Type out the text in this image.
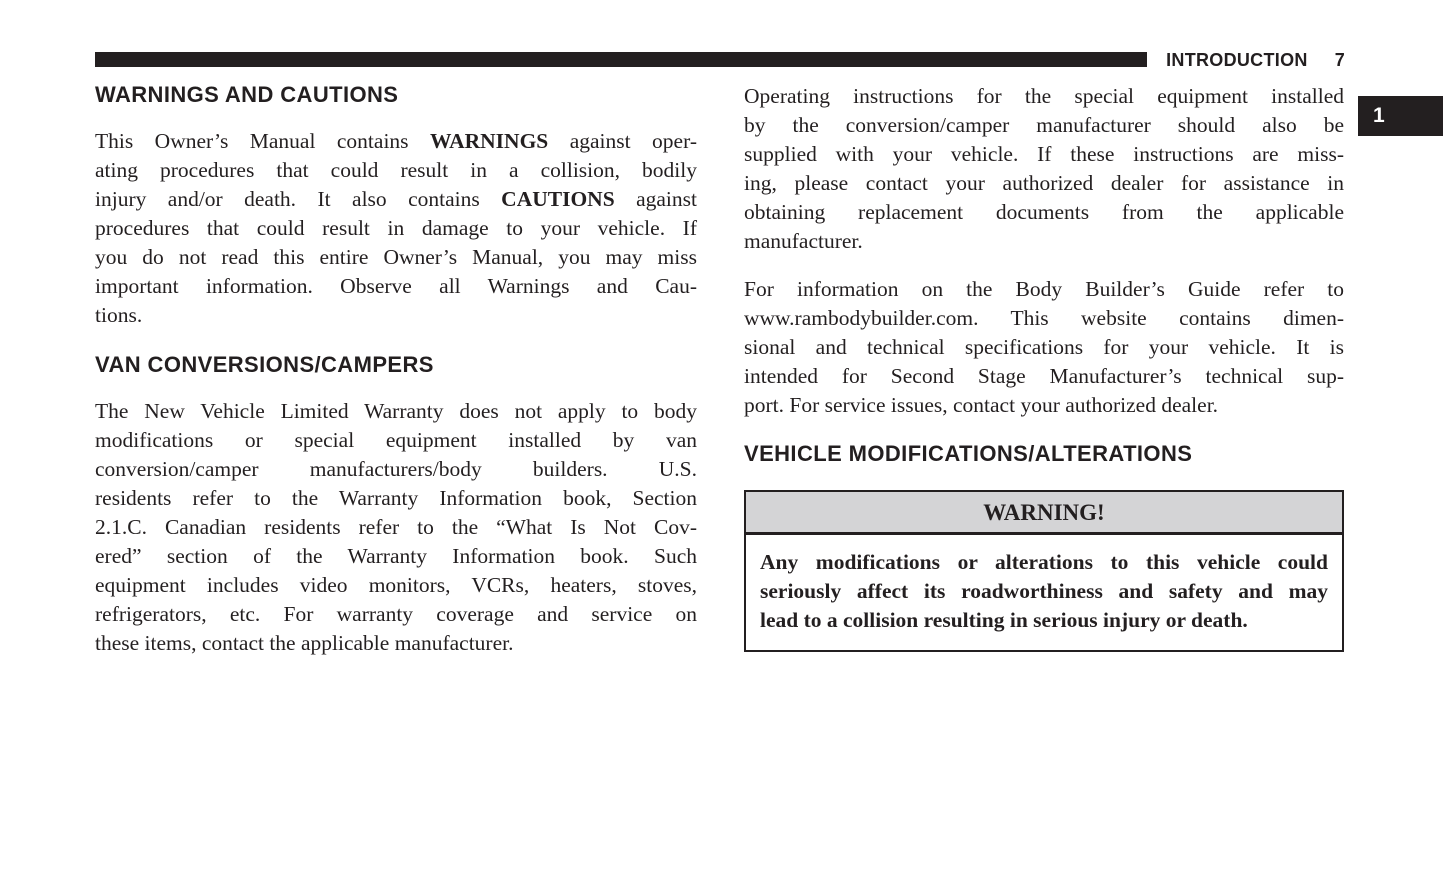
INTRODUCTION 7
1
WARNINGS AND CAUTIONS
This Owner’s Manual contains WARNINGS against oper-
ating procedures that could result in a collision, bodily
injury and/or death. It also contains CAUTIONS against
procedures that could result in damage to your vehicle. If
you do not read this entire Owner’s Manual, you may miss
important information. Observe all Warnings and Cau-
tions.
VAN CONVERSIONS/CAMPERS
The New Vehicle Limited Warranty does not apply to body
modifications or special equipment installed by van
conversion/camper manufacturers/body builders. U.S.
residents refer to the Warranty Information book, Section
2.1.C. Canadian residents refer to the “What Is Not Cov-
ered” section of the Warranty Information book. Such
equipment includes video monitors, VCRs, heaters, stoves,
refrigerators, etc. For warranty coverage and service on
these items, contact the applicable manufacturer.
Operating instructions for the special equipment installed
by the conversion/camper manufacturer should also be
supplied with your vehicle. If these instructions are miss-
ing, please contact your authorized dealer for assistance in
obtaining replacement documents from the applicable
manufacturer.
For information on the Body Builder’s Guide refer to
www.rambodybuilder.com. This website contains dimen-
sional and technical specifications for your vehicle. It is
intended for Second Stage Manufacturer’s technical sup-
port. For service issues, contact your authorized dealer.
VEHICLE MODIFICATIONS/ALTERATIONS
WARNING!
Any modifications or alterations to this vehicle could
seriously affect its roadworthiness and safety and may
lead to a collision resulting in serious injury or death.
